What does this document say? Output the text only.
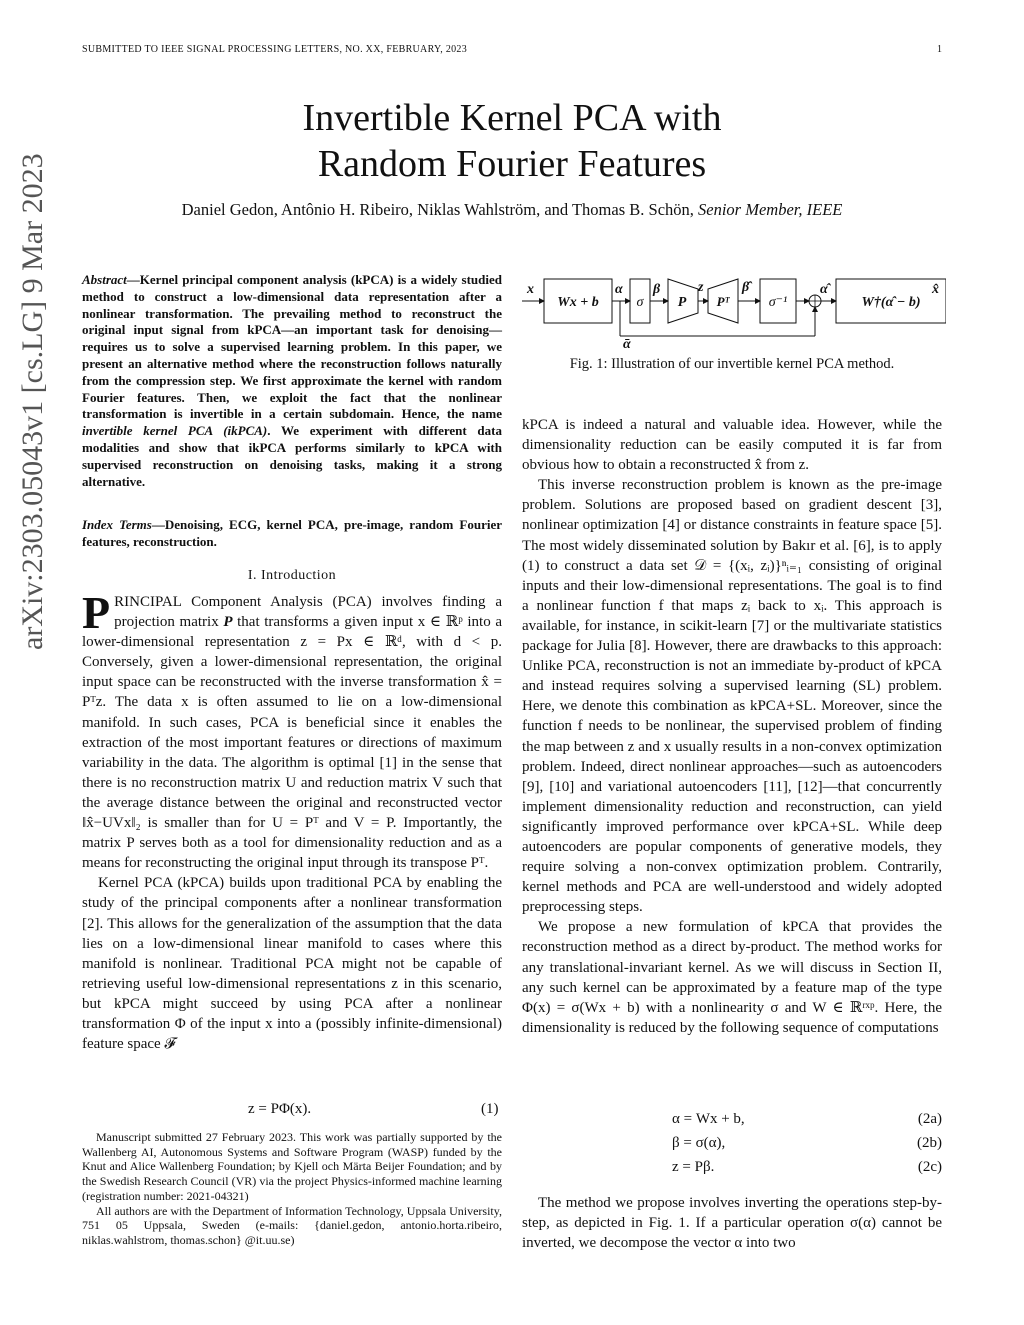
SUBMITTED TO IEEE SIGNAL PROCESSING LETTERS, NO. XX, FEBRUARY, 2023	1
arXiv:2303.05043v1 [cs.LG] 9 Mar 2023
Invertible Kernel PCA with
Random Fourier Features
Daniel Gedon, Antônio H. Ribeiro, Niklas Wahlström, and Thomas B. Schön, Senior Member, IEEE
Abstract—Kernel principal component analysis (kPCA) is a widely studied method to construct a low-dimensional data representation after a nonlinear transformation. The prevailing method to reconstruct the original input signal from kPCA—an important task for denoising—requires us to solve a supervised learning problem. In this paper, we present an alternative method where the reconstruction follows naturally from the compression step. We first approximate the kernel with random Fourier features. Then, we exploit the fact that the nonlinear transformation is invertible in a certain subdomain. Hence, the name invertible kernel PCA (ikPCA). We experiment with different data modalities and show that ikPCA performs similarly to kPCA with supervised reconstruction on denoising tasks, making it a strong alternative.
Index Terms—Denoising, ECG, kernel PCA, pre-image, random Fourier features, reconstruction.
I. Introduction

PRINCIPAL Component Analysis (PCA) involves finding a projection matrix P that transforms a given input x ∈ ℝᵖ into a lower-dimensional representation z = Px ∈ ℝᵈ, with d < p. Conversely, given a lower-dimensional representation, the original input space can be reconstructed with the inverse transformation x̂ = Pᵀz. The data x is often assumed to lie on a low-dimensional manifold. In such cases, PCA is beneficial since it enables the extraction of the most important features or directions of maximum variability in the data. The algorithm is optimal [1] in the sense that there is no reconstruction matrix U and reduction matrix V such that the average distance between the original and reconstructed vector ‖x̂−UVx‖₂ is smaller than for U = Pᵀ and V = P. Importantly, the matrix P serves both as a tool for dimensionality reduction and as a means for reconstructing the original input through its transpose Pᵀ.

Kernel PCA (kPCA) builds upon traditional PCA by enabling the study of the principal components after a nonlinear transformation [2]. This allows for the generalization of the assumption that the data lies on a low-dimensional linear manifold to cases where this manifold is nonlinear. Traditional PCA might not be capable of retrieving useful low-dimensional representations z in this scenario, but kPCA might succeed by using PCA after a nonlinear transformation Φ of the input x into a (possibly infinite-dimensional) feature space 𝓕

z = PΦ(x).	(1)

Manuscript submitted 27 February 2023. This work was partially supported by the Wallenberg AI, Autonomous Systems and Software Program (WASP) funded by the Knut and Alice Wallenberg Foundation; by Kjell och Märta Beijer Foundation; and by the Swedish Research Council (VR) via the project Physics-informed machine learning (registration number: 2021-04321)

All authors are with the Department of Information Technology, Uppsala University, 751 05 Uppsala, Sweden (e-mails: {daniel.gedon, antonio.horta.ribeiro, niklas.wahlstrom, thomas.schon} @it.uu.se)

x
Wx + b
α
σ
β
P
z
Pᵀ
β̂
σ⁻¹
α̂
ᾱ
W†(α̂ − b)
x̂
Fig. 1: Illustration of our invertible kernel PCA method.

kPCA is indeed a natural and valuable idea. However, while the dimensionality reduction can be easily computed it is far from obvious how to obtain a reconstructed x̂ from z.

This inverse reconstruction problem is known as the pre-image problem. Solutions are proposed based on gradient descent [3], nonlinear optimization [4] or distance constraints in feature space [5]. The most widely disseminated solution by Bakır et al. [6], is to apply (1) to construct a data set 𝒟 = {(xᵢ, zᵢ)}ⁿᵢ₌₁ consisting of original inputs and their low-dimensional representations. The goal is to find a nonlinear function f that maps zᵢ back to xᵢ. This approach is available, for instance, in scikit-learn [7] or the multivariate statistics package for Julia [8]. However, there are drawbacks to this approach: Unlike PCA, reconstruction is not an immediate by-product of kPCA and instead requires solving a supervised learning (SL) problem. Here, we denote this combination as kPCA+SL. Moreover, since the function f needs to be nonlinear, the supervised problem of finding the map between z and x usually results in a non-convex optimization problem. Indeed, direct nonlinear approaches—such as autoencoders [9], [10] and variational autoencoders [11], [12]—that concurrently implement dimensionality reduction and reconstruction, can yield significantly improved performance over kPCA+SL. While deep autoencoders are popular components of generative models, they require solving a non-convex optimization problem. Contrarily, kernel methods and PCA are well-understood and widely adopted preprocessing steps.

We propose a new formulation of kPCA that provides the reconstruction method as a direct by-product. The method works for any translational-invariant kernel. As we will discuss in Section II, any such kernel can be approximated by a feature map of the type Φ(x) = σ(Wx + b) with a nonlinearity σ and W ∈ ℝʳˣᵖ. Here, the dimensionality is reduced by the following sequence of computations

α = Wx + b,	(2a)
β = σ(α),	(2b)
z = Pβ.	(2c)
The method we propose involves inverting the operations step-by-step, as depicted in Fig. 1. If a particular operation σ(α) cannot be inverted, we decompose the vector α into two
